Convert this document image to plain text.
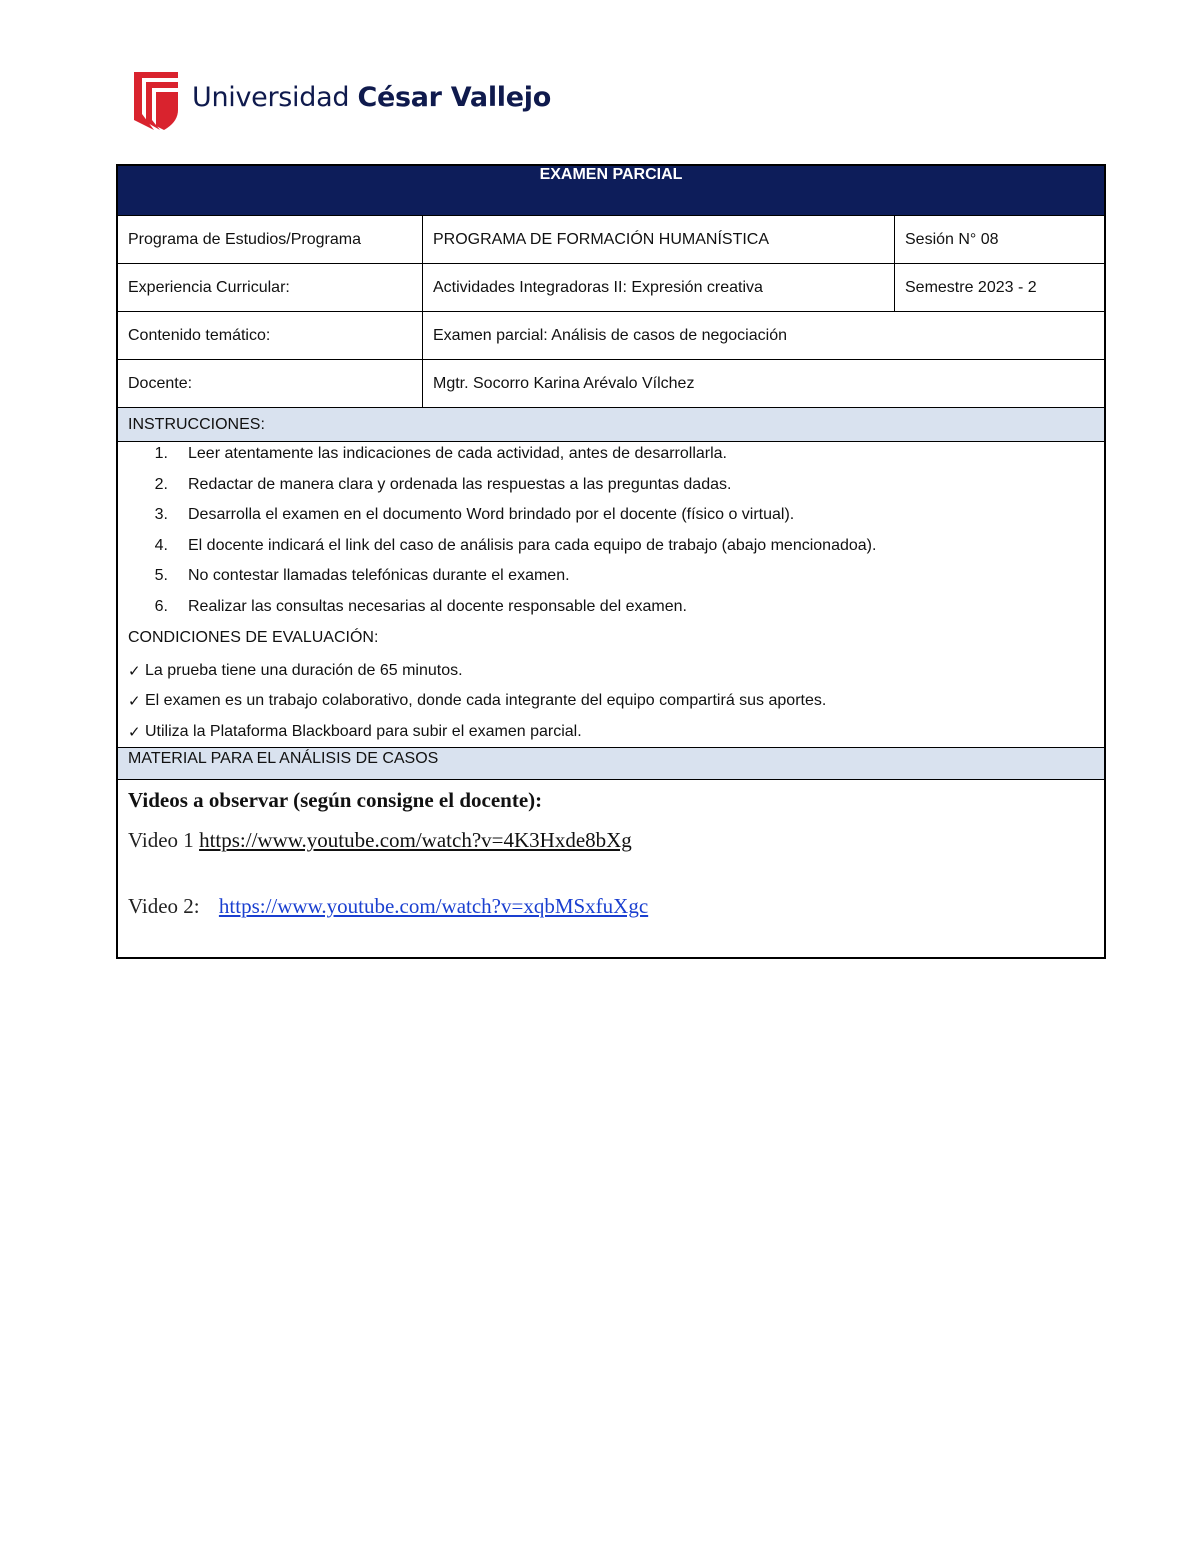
Universidad César Vallejo
EXAMEN PARCIAL
Programa de Estudios/Programa	PROGRAMA DE FORMACIÓN HUMANÍSTICA	Sesión N° 08
Experiencia Curricular:	Actividades Integradoras II: Expresión creativa	Semestre 2023 - 2
Contenido temático:	Examen parcial: Análisis de casos de negociación
Docente:	Mgtr. Socorro Karina Arévalo Vílchez
INSTRUCCIONES:
1.	Leer atentamente las indicaciones de cada actividad, antes de desarrollarla.
2.	Redactar de manera clara y ordenada las respuestas a las preguntas dadas.
3.	Desarrolla el examen en el documento Word brindado por el docente (físico o virtual).
4.	El docente indicará el link del caso de análisis para cada equipo de trabajo (abajo mencionadoa).
5.	No contestar llamadas telefónicas durante el examen.
6.	Realizar las consultas necesarias al docente responsable del examen.
CONDICIONES DE EVALUACIÓN:
✓ La prueba tiene una duración de 65 minutos.
✓ El examen es un trabajo colaborativo, donde cada integrante del equipo compartirá sus aportes.
✓ Utiliza la Plataforma Blackboard para subir el examen parcial.
MATERIAL PARA EL ANÁLISIS DE CASOS
Videos a observar (según consigne el docente):
Video 1 https://www.youtube.com/watch?v=4K3Hxde8bXg
Video 2: https://www.youtube.com/watch?v=xqbMSxfuXgc
